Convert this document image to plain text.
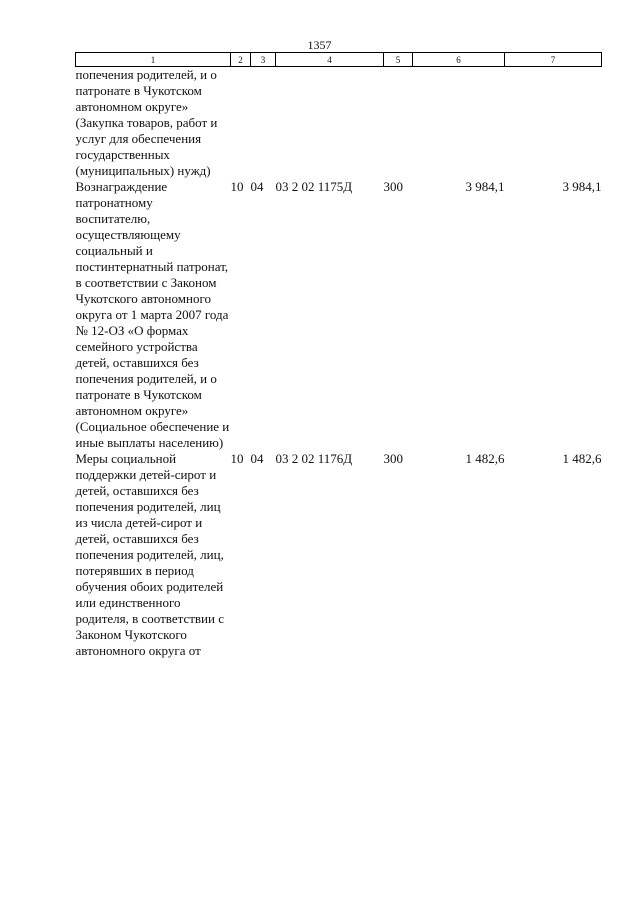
1357
1	2	3	4	5	6	7
попечения родителей, и о патронате в Чукотском автономном округе» (Закупка товаров, работ и услуг для обеспечения государственных (муниципальных) нужд)						
Вознаграждение патронатному воспитателю, осуществляющему социальный и постинтернатный патронат, в соответствии с Законом Чукотского автономного округа от 1 марта 2007 года № 12-ОЗ «О формах семейного устройства детей, оставшихся без попечения родителей, и о патронате в Чукотском автономном округе» (Социальное обеспечение и иные выплаты населению)	10	04	03 2 02 1175Д	300	3 984,1	3 984,1
Меры социальной поддержки детей-сирот и детей, оставшихся без попечения родителей, лиц из числа детей-сирот и детей, оставшихся без попечения родителей, лиц, потерявших в период обучения обоих родителей или единственного родителя, в соответствии с Законом Чукотского автономного округа от	10	04	03 2 02 1176Д	300	1 482,6	1 482,6
